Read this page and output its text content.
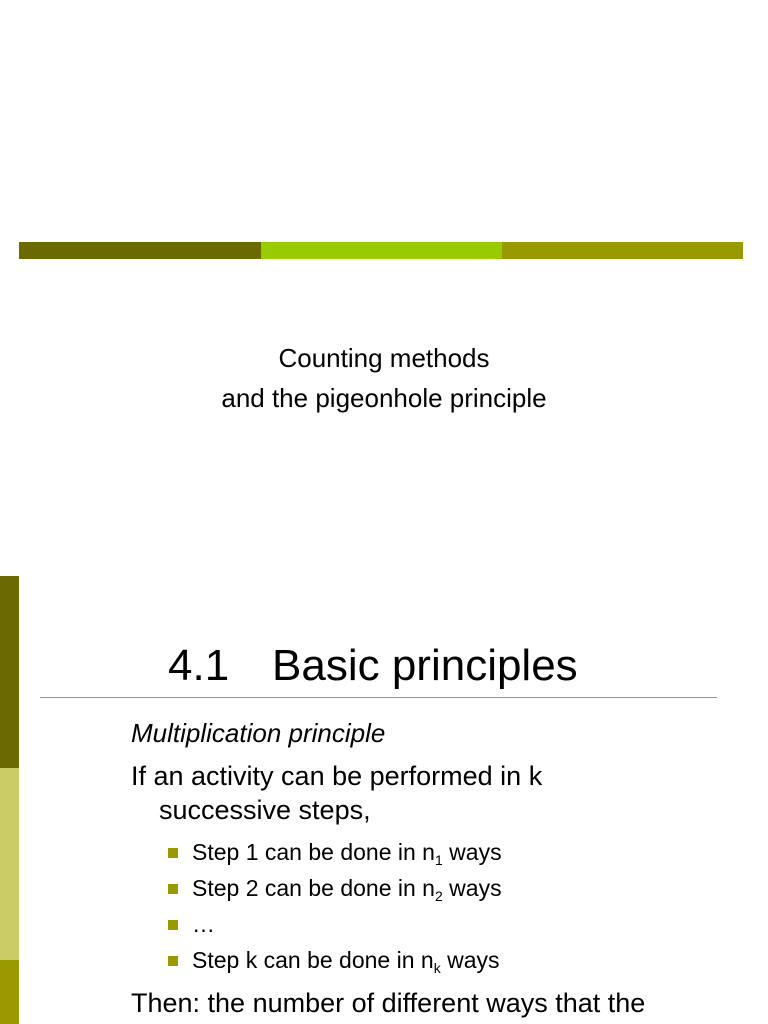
Counting methods
and the pigeonhole principle
4.1 Basic principles
Multiplication principle
If an activity can be performed in k
successive steps,
Step 1 can be done in $n_1$ ways
Step 2 can be done in $n_2$ ways
…
Step k can be done in $n_k$ ways
Then: the number of different ways that the
